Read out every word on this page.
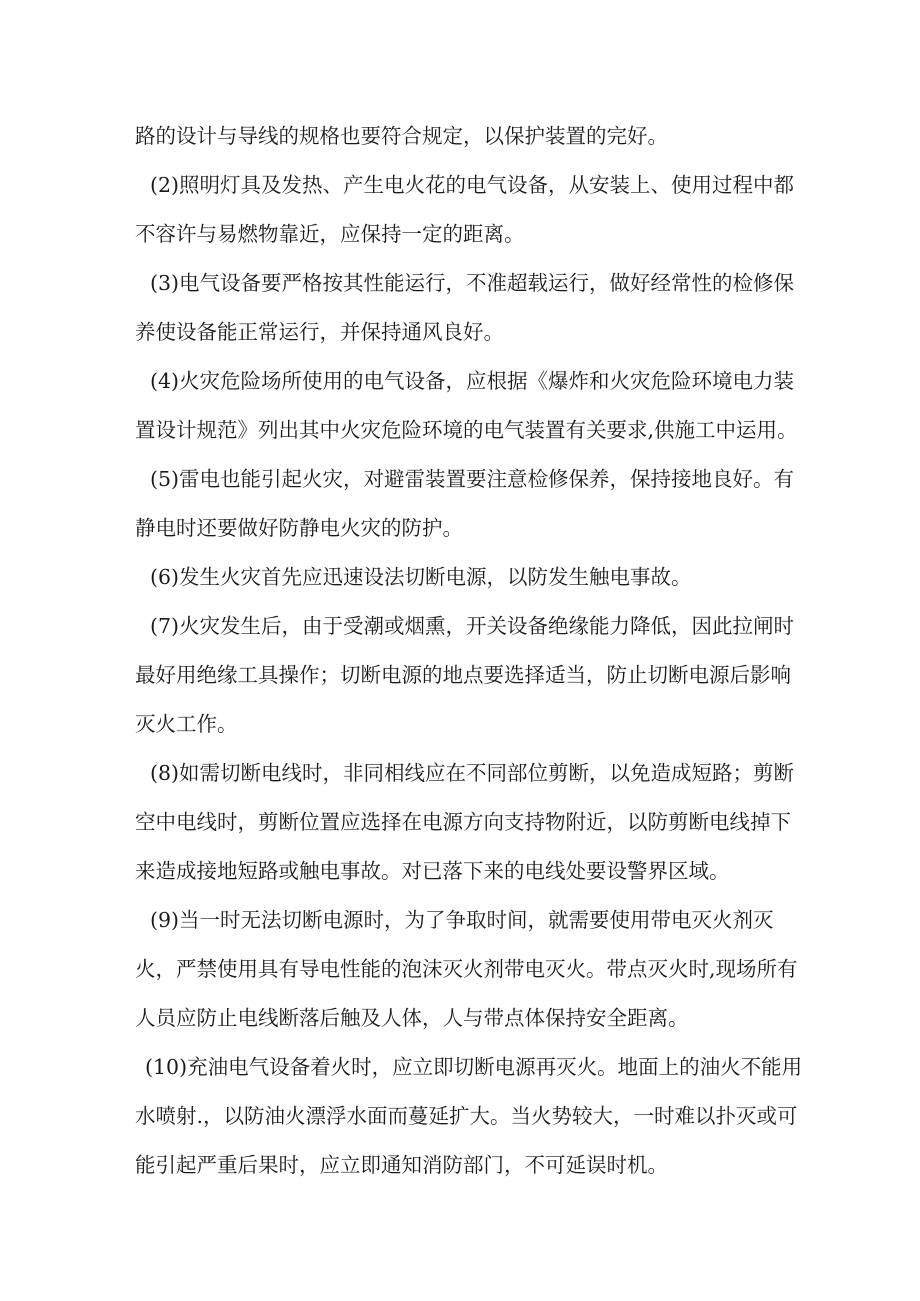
路的设计与导线的规格也要符合规定，以保护装置的完好。

(2)照明灯具及发热、产生电火花的电气设备，从安装上、使用过程中都

不容许与易燃物靠近，应保持一定的距离。

(3)电气设备要严格按其性能运行，不准超载运行，做好经常性的检修保

养使设备能正常运行，并保持通风良好。

(4)火灾危险场所使用的电气设备，应根据《爆炸和火灾危险环境电力装

置设计规范》列出其中火灾危险环境的电气装置有关要求,供施工中运用。

(5)雷电也能引起火灾，对避雷装置要注意检修保养，保持接地良好。有

静电时还要做好防静电火灾的防护。

(6)发生火灾首先应迅速设法切断电源，以防发生触电事故。

(7)火灾发生后，由于受潮或烟熏，开关设备绝缘能力降低，因此拉闸时

最好用绝缘工具操作；切断电源的地点要选择适当，防止切断电源后影响

灭火工作。

(8)如需切断电线时，非同相线应在不同部位剪断，以免造成短路；剪断

空中电线时，剪断位置应选择在电源方向支持物附近，以防剪断电线掉下

来造成接地短路或触电事故。对已落下来的电线处要设警界区域。

(9)当一时无法切断电源时，为了争取时间，就需要使用带电灭火剂灭

火，严禁使用具有导电性能的泡沫灭火剂带电灭火。带点灭火时,现场所有

人员应防止电线断落后触及人体，人与带点体保持安全距离。

(10)充油电气设备着火时，应立即切断电源再灭火。地面上的油火不能用

水喷射.，以防油火漂浮水面而蔓延扩大。当火势较大，一时难以扑灭或可

能引起严重后果时，应立即通知消防部门，不可延误时机。
